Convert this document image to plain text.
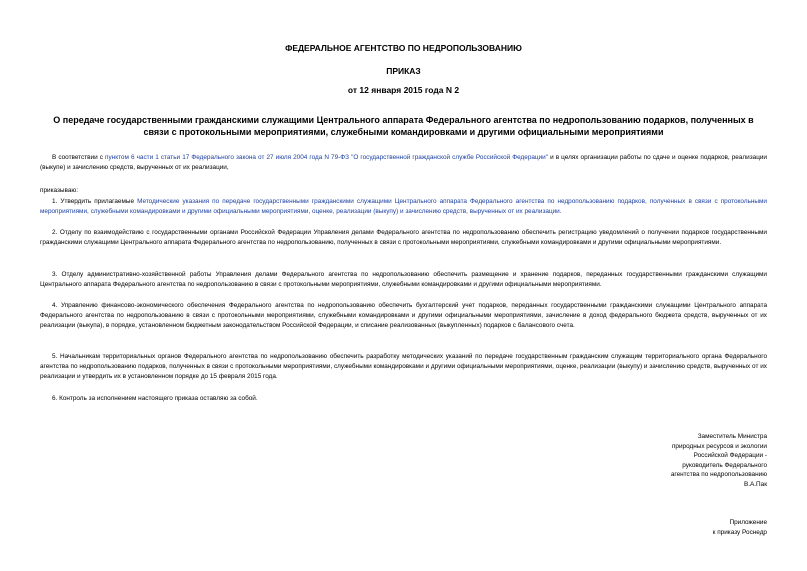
ФЕДЕРАЛЬНОЕ АГЕНТСТВО ПО НЕДРОПОЛЬЗОВАНИЮ
ПРИКАЗ
от 12 января 2015 года N 2
О передаче государственными гражданскими служащими Центрального аппарата Федерального агентства по недропользованию подарков, полученных в связи с протокольными мероприятиями, служебными командировками и другими официальными мероприятиями
В соответствии с пунктом 6 части 1 статьи 17 Федерального закона от 27 июля 2004 года N 79-ФЗ "О государственной гражданской службе Российской Федерации" и в целях организации работы по сдаче и оценке подарков, реализации (выкупе) и зачислению средств, вырученных от их реализации,
приказываю:
1. Утвердить прилагаемые Методические указания по передаче государственными гражданскими служащими Центрального аппарата Федерального агентства по недропользованию подарков, полученных в связи с протокольными мероприятиями, служебными командировками и другими официальными мероприятиями, оценке, реализации (выкупу) и зачислению средств, вырученных от их реализации.
2. Отделу по взаимодействию с государственными органами Российской Федерации Управления делами Федерального агентства по недропользованию обеспечить регистрацию уведомлений о получении подарков государственными гражданскими служащими Центрального аппарата Федерального агентства по недропользованию, полученных в связи с протокольными мероприятиями, служебными командировками и другими официальными мероприятиями.
3. Отделу административно-хозяйственной работы Управления делами Федерального агентства по недропользованию обеспечить размещение и хранение подарков, переданных государственными гражданскими служащими Центрального аппарата Федерального агентства по недропользованию в связи с протокольными мероприятиями, служебными командировками и другими официальными мероприятиями.
4. Управлению финансово-экономического обеспечения Федерального агентства по недропользованию обеспечить бухгалтерский учет подарков, переданных государственными гражданскими служащими Центрального аппарата Федерального агентства по недропользованию в связи с протокольными мероприятиями, служебными командировками и другими официальными мероприятиями, зачисление в доход федерального бюджета средств, вырученных от их реализации (выкупа), в порядке, установленном бюджетным законодательством Российской Федерации, и списание реализованных (выкупленных) подарков с балансового счета.
5. Начальникам территориальных органов Федерального агентства по недропользованию обеспечить разработку методических указаний по передаче государственным гражданским служащим территориального органа Федерального агентства по недропользованию подарков, полученных в связи с протокольными мероприятиями, служебными командировками и другими официальными мероприятиями, оценке, реализации (выкупу) и зачислению средств, вырученных от их реализации и утвердить их в установленном порядке до 15 февраля 2015 года.
6. Контроль за исполнением настоящего приказа оставляю за собой.
Заместитель Министра
природных ресурсов и экологии
Российской Федерации -
руководитель Федерального
агентства по недропользованию
В.А.Пак
Приложение
к приказу Роснедр
